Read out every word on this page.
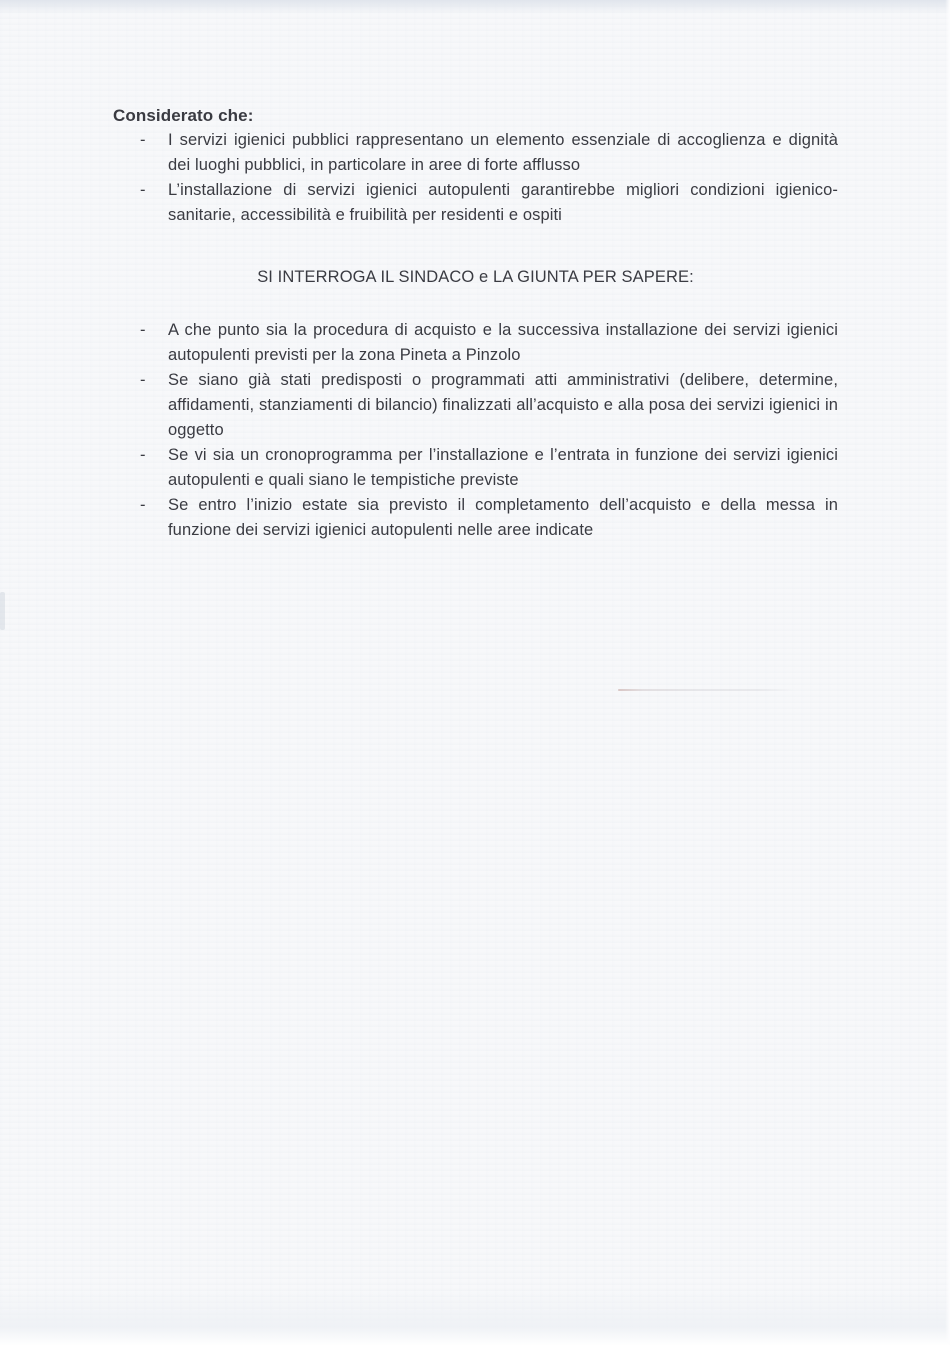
Considerato che:

-	I servizi igienici pubblici rappresentano un elemento essenziale di accoglienza e dignità dei luoghi pubblici, in particolare in aree di forte afflusso

-	L’installazione di servizi igienici autopulenti garantirebbe migliori condizioni igienico-sanitarie, accessibilità e fruibilità per residenti e ospiti

SI INTERROGA IL SINDACO e LA GIUNTA PER SAPERE:

-	A che punto sia la procedura di acquisto e la successiva installazione dei servizi igienici autopulenti previsti per la zona Pineta a Pinzolo

-	Se siano già stati predisposti o programmati atti amministrativi (delibere, determine, affidamenti, stanziamenti di bilancio) finalizzati all’acquisto e alla posa dei servizi igienici in oggetto

-	Se vi sia un cronoprogramma per l’installazione e l’entrata in funzione dei servizi igienici autopulenti e quali siano le tempistiche previste

-	Se entro l’inizio estate sia previsto il completamento dell’acquisto e della messa in funzione dei servizi igienici autopulenti nelle aree indicate
